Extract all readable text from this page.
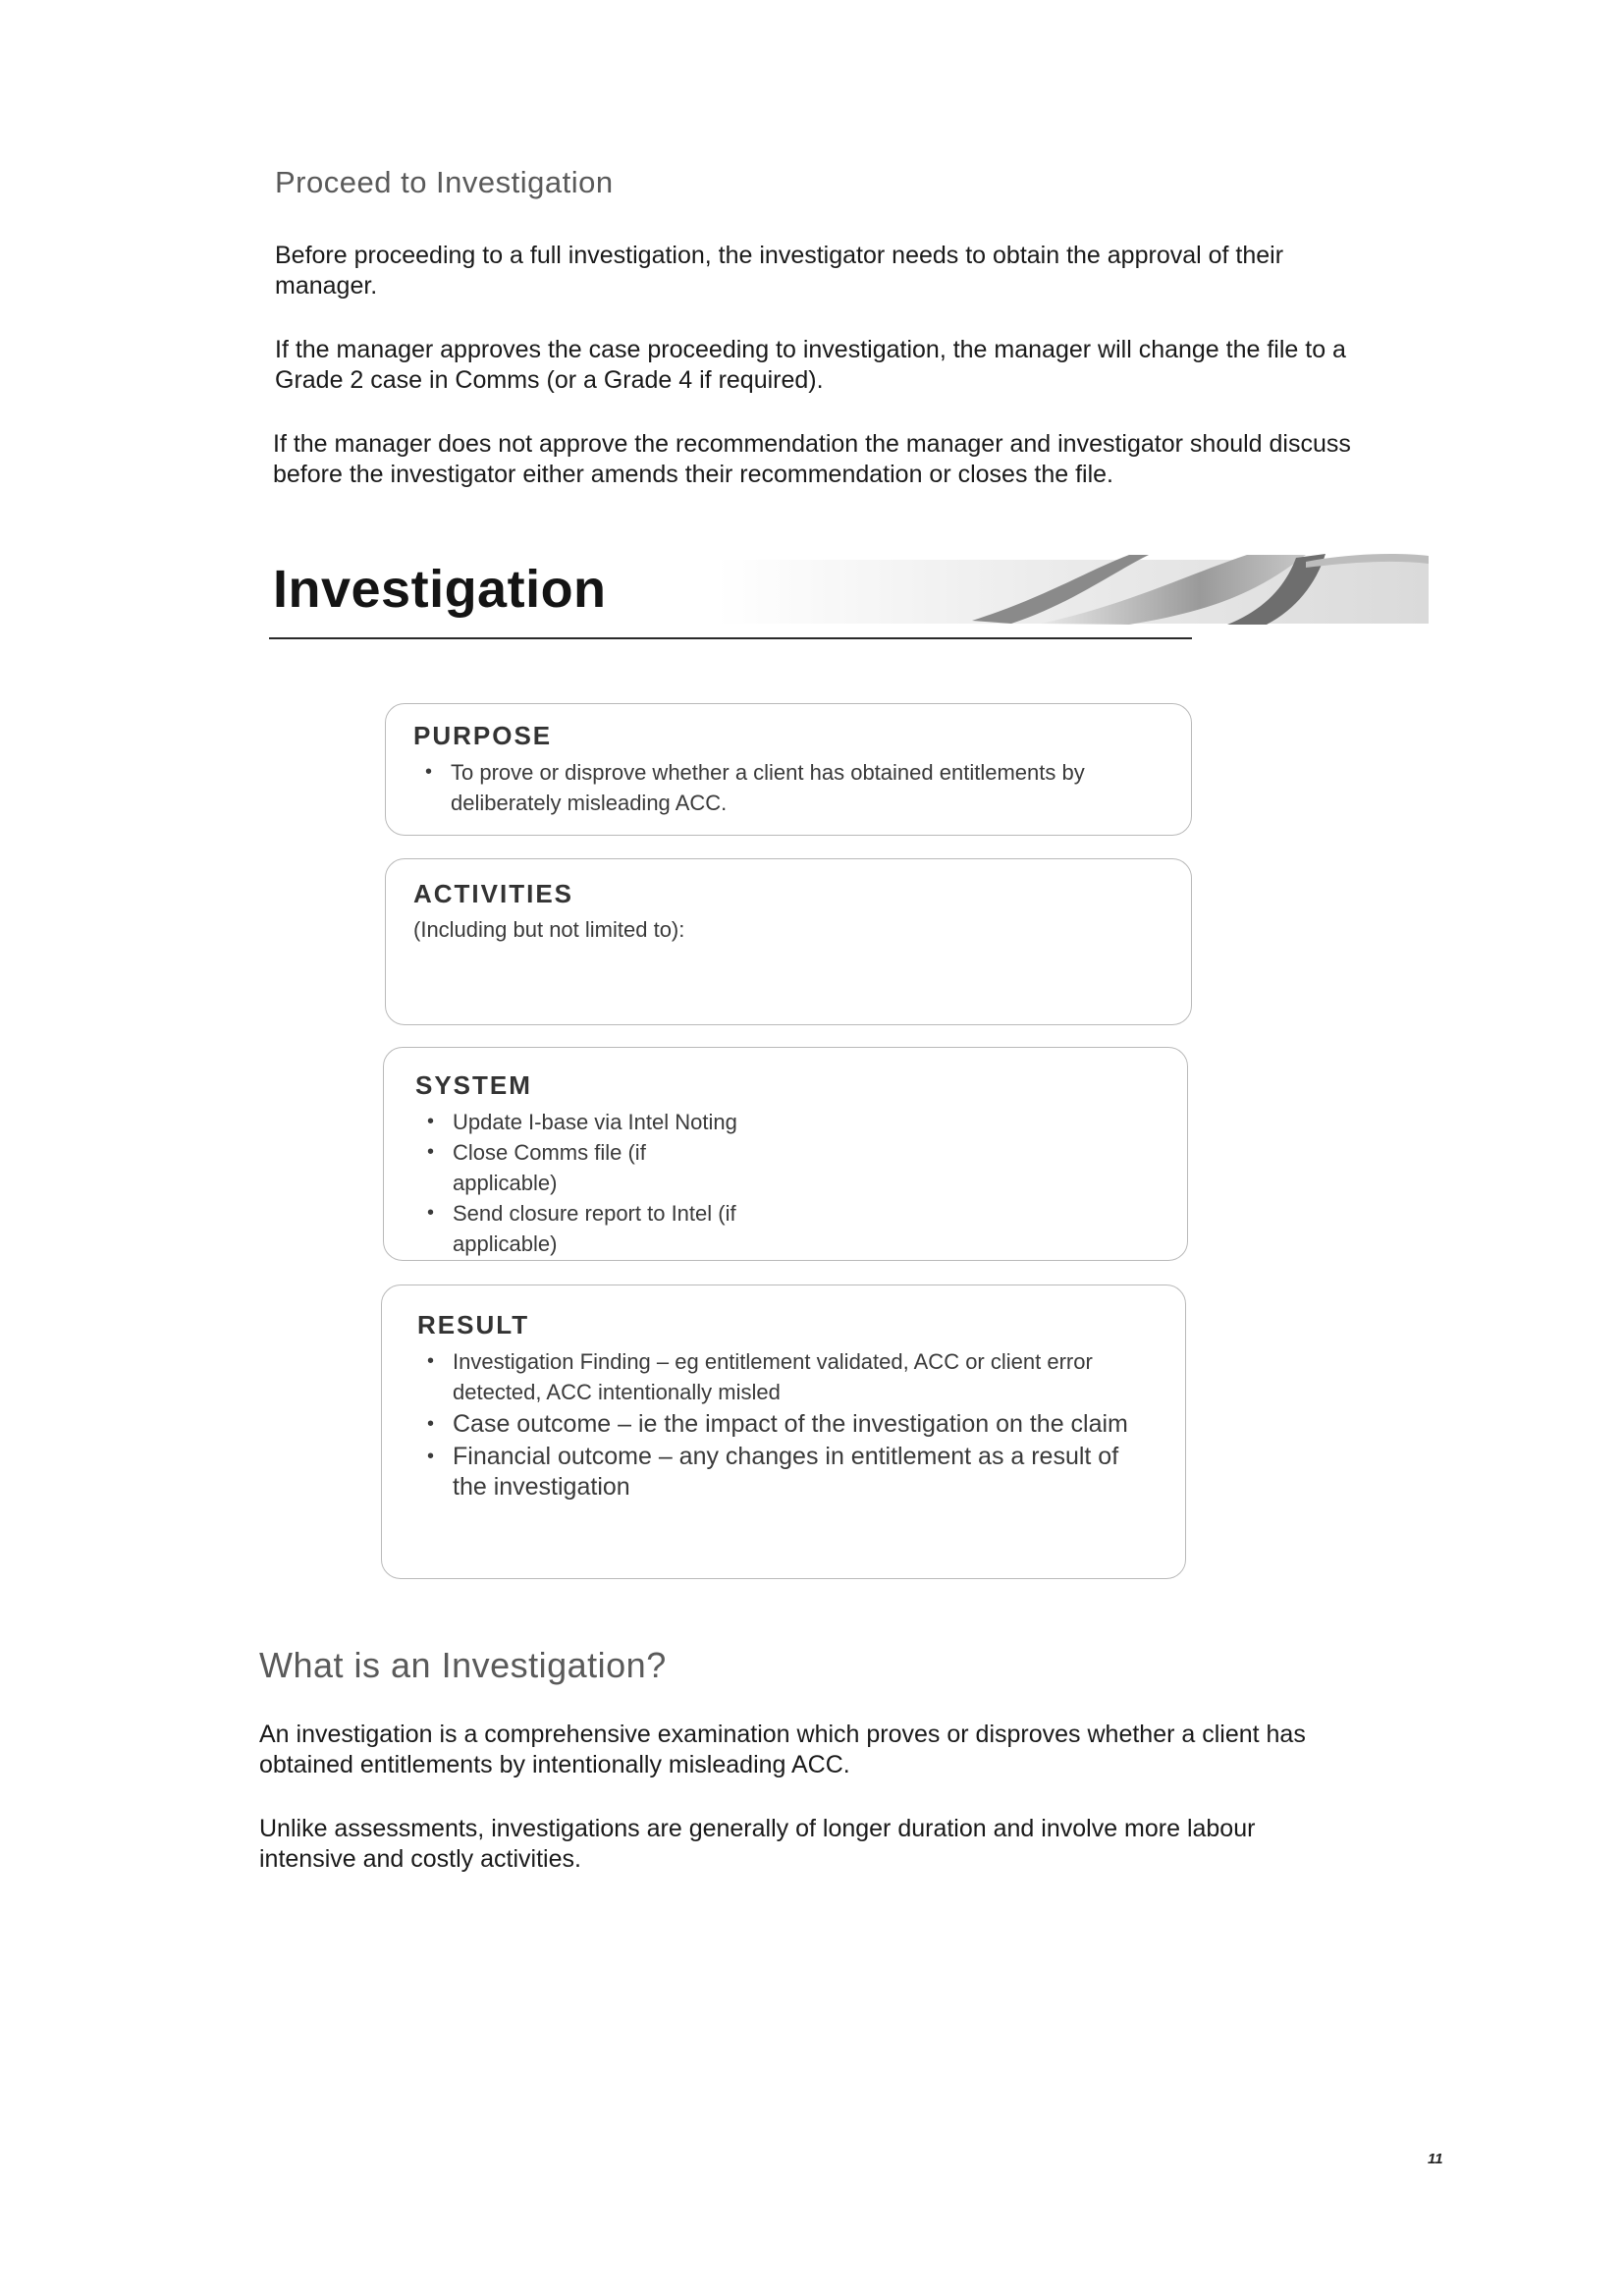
Proceed to Investigation

Before proceeding to a full investigation, the investigator needs to obtain the approval of their manager.

If the manager approves the case proceeding to investigation, the manager will change the file to a Grade 2 case in Comms (or a Grade 4 if required).

If the manager does not approve the recommendation the manager and investigator should discuss before the investigator either amends their recommendation or closes the file.

Investigation
PURPOSE
• To prove or disprove whether a client has obtained entitlements by deliberately misleading ACC.
ACTIVITIES

(Including but not limited to):

SYSTEM
• Update I-base via Intel Noting
• Close Comms file (if applicable)
• Send closure report to Intel (if applicable)
RESULT
• Investigation Finding – eg entitlement validated, ACC or client error detected, ACC intentionally misled
• Case outcome – ie the impact of the investigation on the claim
• Financial outcome – any changes in entitlement as a result of the investigation
What is an Investigation?

An investigation is a comprehensive examination which proves or disproves whether a client has obtained entitlements by intentionally misleading ACC.

Unlike assessments, investigations are generally of longer duration and involve more labour intensive and costly activities.

11
